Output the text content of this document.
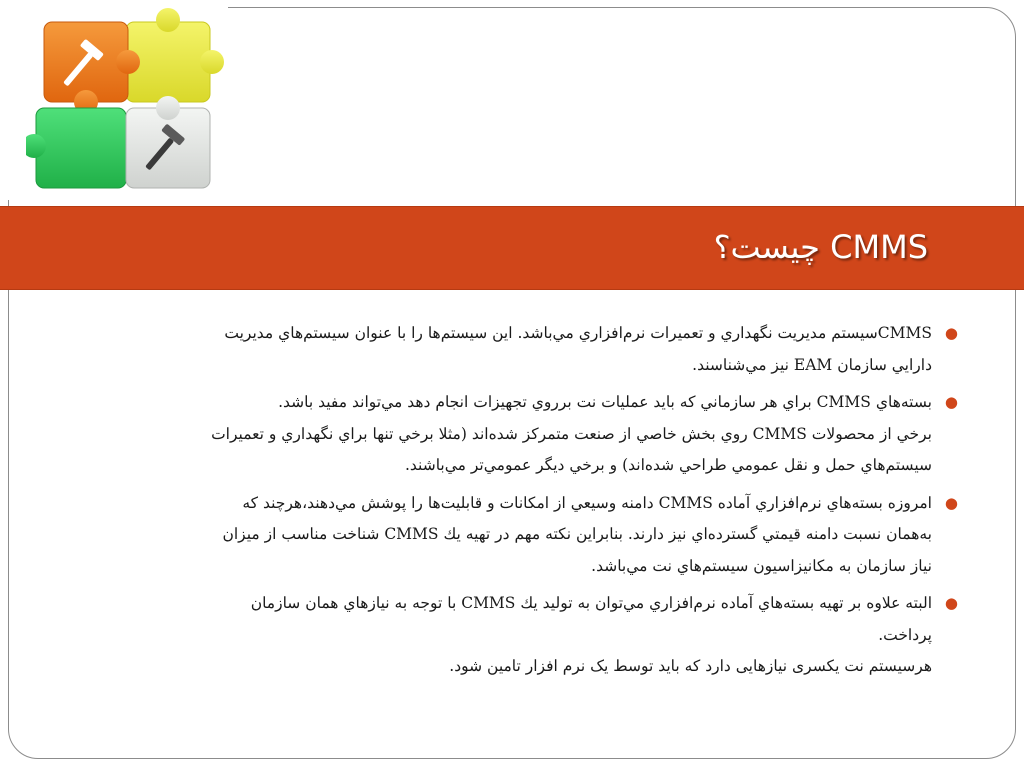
CMMS چیست؟
●
CMMSسيستم مديريت نگهداري و تعميرات نرم‌افزاري مي‌باشد. اين سيستم‌ها را با عنوان سيستم‌هاي مديريت
دارايي سازمان EAM نيز مي‌شناسند.
●
بسته‌هاي CMMS براي هر سازماني كه بايد عمليات نت برروي تجهيزات انجام دهد مي‌تواند مفيد باشد.
برخي از محصولات CMMS روي بخش خاصي از صنعت متمركز شده‌اند (مثلا برخي تنها براي نگهداري و تعميرات
سيستم‌هاي حمل و نقل عمومي طراحي شده‌اند) و برخي ديگر عمومي‌تر مي‌باشند.
●
امروزه بسته‌هاي نرم‌افزاري آماده CMMS دامنه وسيعي از امكانات و قابليت‌ها را پوشش مي‌دهند،هرچند كه
به‌همان نسبت دامنه قيمتي گسترده‌اي نيز دارند. بنابراين نكته مهم در تهيه يك CMMS شناخت مناسب از ميزان
نياز سازمان به مكانيزاسيون سيستم‌هاي نت مي‌باشد.
●
البته علاوه بر تهيه بسته‌هاي آماده نرم‌افزاري مي‌توان به توليد يك CMMS با توجه به نيازهاي همان سازمان
پرداخت.
هرسیستم نت یکسری نیازهایی دارد که باید توسط یک نرم افزار تامین شود.
